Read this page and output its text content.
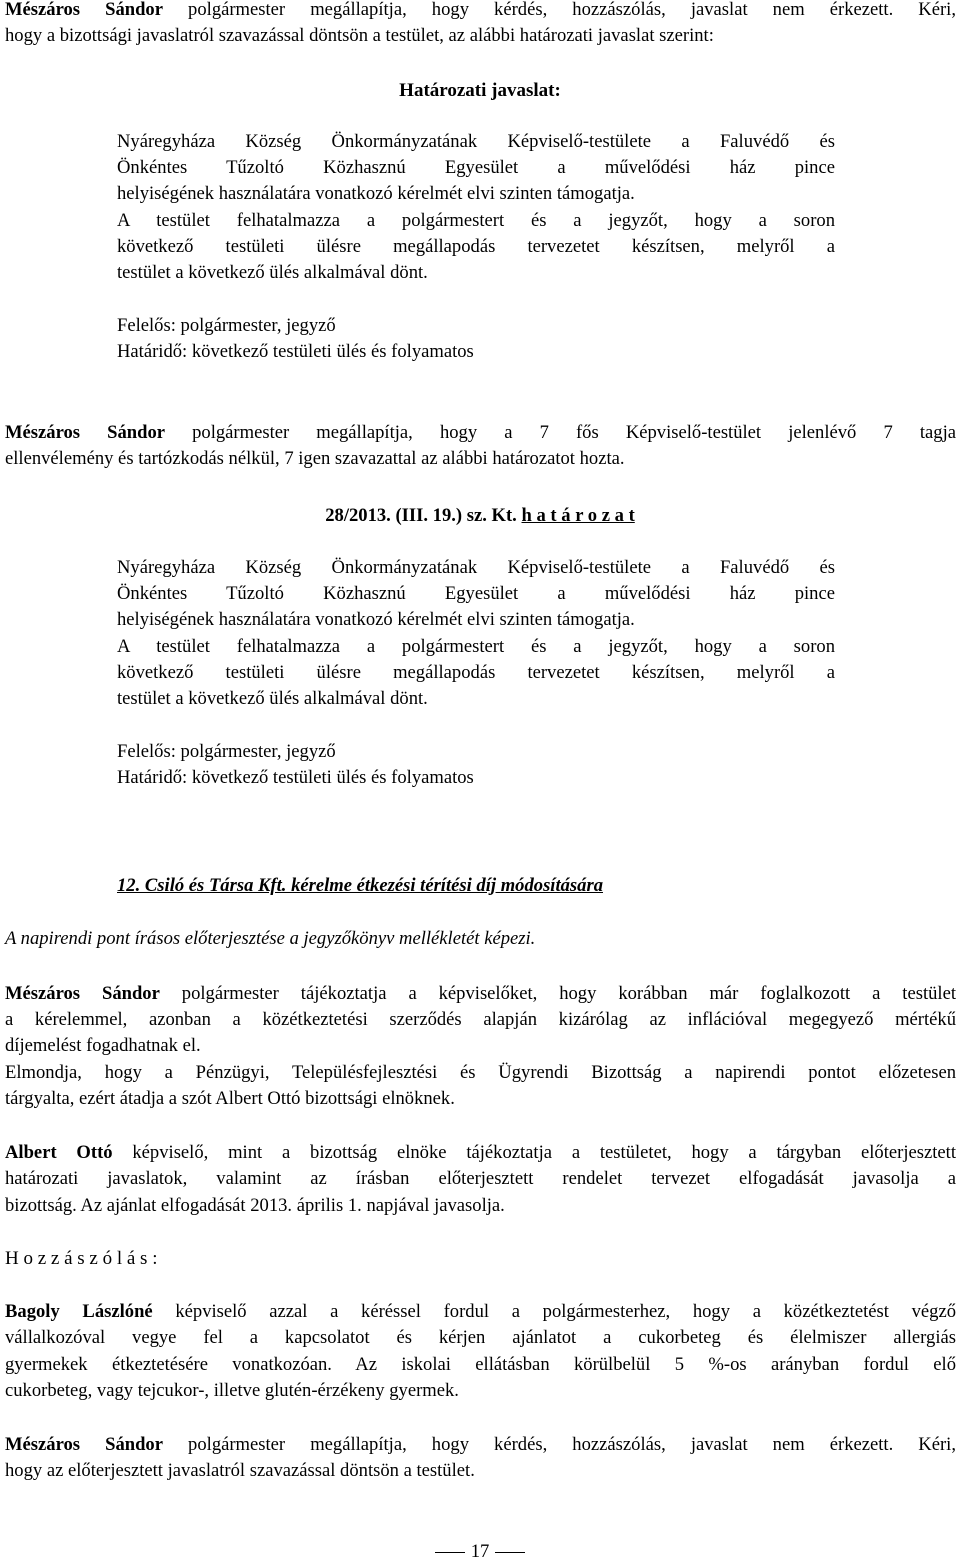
Mészáros Sándor polgármester megállapítja, hogy kérdés, hozzászólás, javaslat nem érkezett. Kéri,
hogy a bizottsági javaslatról szavazással döntsön a testület, az alábbi határozati javaslat szerint:
Határozati javaslat:
Nyáregyháza Község Önkormányzatának Képviselő-testülete a Faluvédő és
Önkéntes Tűzoltó Közhasznú Egyesület a művelődési ház pince
helyiségének használatára vonatkozó kérelmét elvi szinten támogatja.
A testület felhatalmazza a polgármestert és a jegyzőt, hogy a soron
következő testületi ülésre megállapodás tervezetet készítsen, melyről a
testület a következő ülés alkalmával dönt.
Felelős: polgármester, jegyző
Határidő: következő testületi ülés és folyamatos
Mészáros Sándor polgármester megállapítja, hogy a 7 fős Képviselő-testület jelenlévő 7 tagja
ellenvélemény és tartózkodás nélkül, 7 igen szavazattal az alábbi határozatot hozta.
28/2013. (III. 19.) sz. Kt. h a t á r o z a t
Nyáregyháza Község Önkormányzatának Képviselő-testülete a Faluvédő és
Önkéntes Tűzoltó Közhasznú Egyesület a művelődési ház pince
helyiségének használatára vonatkozó kérelmét elvi szinten támogatja.
A testület felhatalmazza a polgármestert és a jegyzőt, hogy a soron
következő testületi ülésre megállapodás tervezetet készítsen, melyről a
testület a következő ülés alkalmával dönt.
Felelős: polgármester, jegyző
Határidő: következő testületi ülés és folyamatos
12. Csiló és Társa Kft. kérelme étkezési térítési díj módosítására
A napirendi pont írásos előterjesztése a jegyzőkönyv mellékletét képezi.
Mészáros Sándor polgármester tájékoztatja a képviselőket, hogy korábban már foglalkozott a testület
a kérelemmel, azonban a közétkeztetési szerződés alapján kizárólag az inflációval megegyező mértékű
díjemelést fogadhatnak el.
Elmondja, hogy a Pénzügyi, Településfejlesztési és Ügyrendi Bizottság a napirendi pontot előzetesen
tárgyalta, ezért átadja a szót Albert Ottó bizottsági elnöknek.
Albert Ottó képviselő, mint a bizottság elnöke tájékoztatja a testületet, hogy a tárgyban előterjesztett
határozati javaslatok, valamint az írásban előterjesztett rendelet tervezet elfogadását javasolja a
bizottság. Az ajánlat elfogadását 2013. április 1. napjával javasolja.
H o z z á s z ó l á s :
Bagoly Lászlóné képviselő azzal a kéréssel fordul a polgármesterhez, hogy a közétkeztetést végző
vállalkozóval vegye fel a kapcsolatot és kérjen ajánlatot a cukorbeteg és élelmiszer allergiás
gyermekek étkeztetésére vonatkozóan. Az iskolai ellátásban körülbelül 5 %-os arányban fordul elő
cukorbeteg, vagy tejcukor-, illetve glutén-érzékeny gyermek.
Mészáros Sándor polgármester megállapítja, hogy kérdés, hozzászólás, javaslat nem érkezett. Kéri,
hogy az előterjesztett javaslatról szavazással döntsön a testület.
17
